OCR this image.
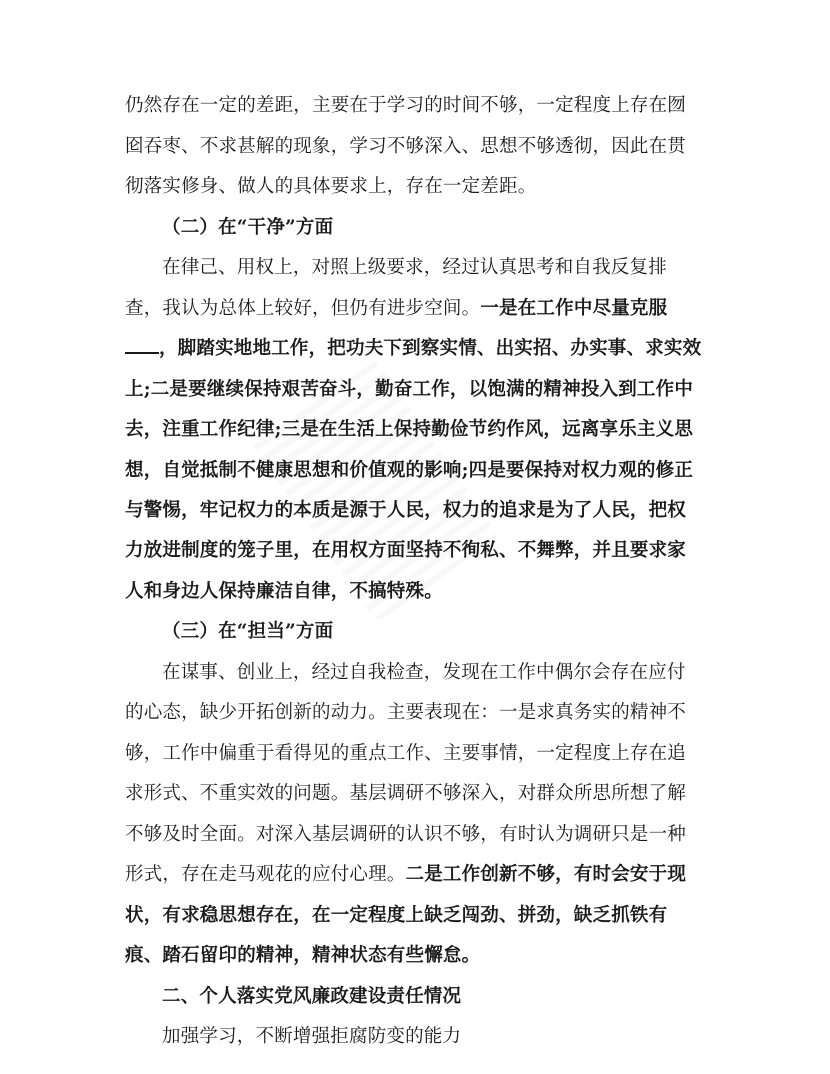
仍然存在一定的差距，主要在于学习的时间不够，一定程度上存在囫
囵吞枣、不求甚解的现象，学习不够深入、思想不够透彻，因此在贯
彻落实修身、做人的具体要求上，存在一定差距。
（二）在“干净”方面
在律己、用权上，对照上级要求，经过认真思考和自我反复排
查，我认为总体上较好，但仍有进步空间。一是在工作中尽量克服
，脚踏实地地工作，把功夫下到察实情、出实招、办实事、求实效
上;二是要继续保持艰苦奋斗，勤奋工作，以饱满的精神投入到工作中
去，注重工作纪律;三是在生活上保持勤俭节约作风，远离享乐主义思
想，自觉抵制不健康思想和价值观的影响;四是要保持对权力观的修正
与警惕，牢记权力的本质是源于人民，权力的追求是为了人民，把权
力放进制度的笼子里，在用权方面坚持不徇私、不舞弊，并且要求家
人和身边人保持廉洁自律，不搞特殊。
（三）在“担当”方面
在谋事、创业上，经过自我检查，发现在工作中偶尔会存在应付
的心态，缺少开拓创新的动力。主要表现在：一是求真务实的精神不
够，工作中偏重于看得见的重点工作、主要事情，一定程度上存在追
求形式、不重实效的问题。基层调研不够深入，对群众所思所想了解
不够及时全面。对深入基层调研的认识不够，有时认为调研只是一种
形式，存在走马观花的应付心理。二是工作创新不够，有时会安于现
状，有求稳思想存在，在一定程度上缺乏闯劲、拼劲，缺乏抓铁有
痕、踏石留印的精神，精神状态有些懈怠。
二、个人落实党风廉政建设责任情况
加强学习，不断增强拒腐防变的能力
